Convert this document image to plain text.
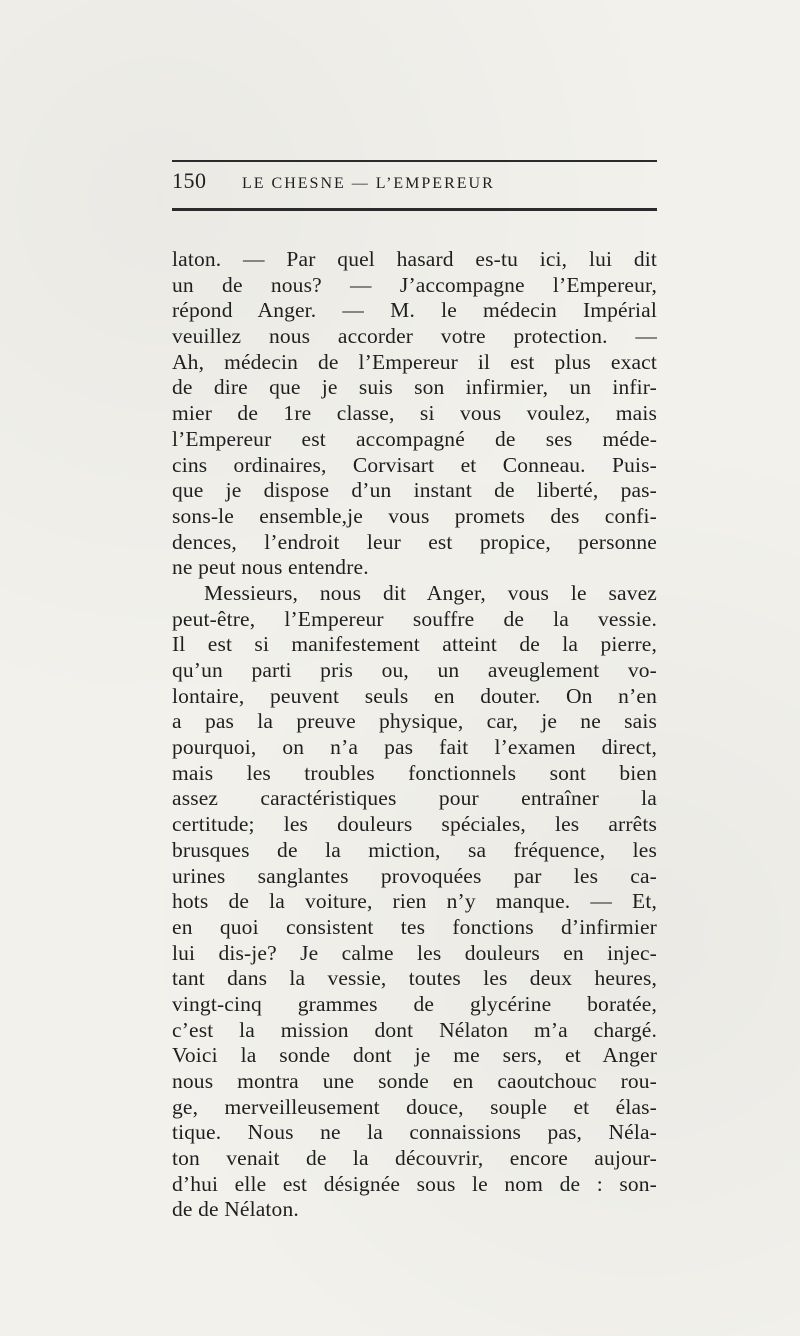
150	LE CHESNE — L’EMPEREUR
laton. — Par quel hasard es-tu ici, lui dit
un de nous? — J’accompagne l’Empereur,
répond Anger. — M. le médecin Impérial
veuillez nous accorder votre protection. —
Ah, médecin de l’Empereur il est plus exact
de dire que je suis son infirmier, un infir-
mier de 1re classe, si vous voulez, mais
l’Empereur est accompagné de ses méde-
cins ordinaires, Corvisart et Conneau. Puis-
que je dispose d’un instant de liberté, pas-
sons-le ensemble,je vous promets des confi-
dences, l’endroit leur est propice, personne
ne peut nous entendre.
Messieurs, nous dit Anger, vous le savez
peut-être, l’Empereur souffre de la vessie.
Il est si manifestement atteint de la pierre,
qu’un parti pris ou, un aveuglement vo-
lontaire, peuvent seuls en douter. On n’en
a pas la preuve physique, car, je ne sais
pourquoi, on n’a pas fait l’examen direct,
mais les troubles fonctionnels sont bien
assez caractéristiques pour entraîner la
certitude; les douleurs spéciales, les arrêts
brusques de la miction, sa fréquence, les
urines sanglantes provoquées par les ca-
hots de la voiture, rien n’y manque. — Et,
en quoi consistent tes fonctions d’infirmier
lui dis-je? Je calme les douleurs en injec-
tant dans la vessie, toutes les deux heures,
vingt-cinq grammes de glycérine boratée,
c’est la mission dont Nélaton m’a chargé.
Voici la sonde dont je me sers, et Anger
nous montra une sonde en caoutchouc rou-
ge, merveilleusement douce, souple et élas-
tique. Nous ne la connaissions pas, Néla-
ton venait de la découvrir, encore aujour-
d’hui elle est désignée sous le nom de : son-
de de Nélaton.
